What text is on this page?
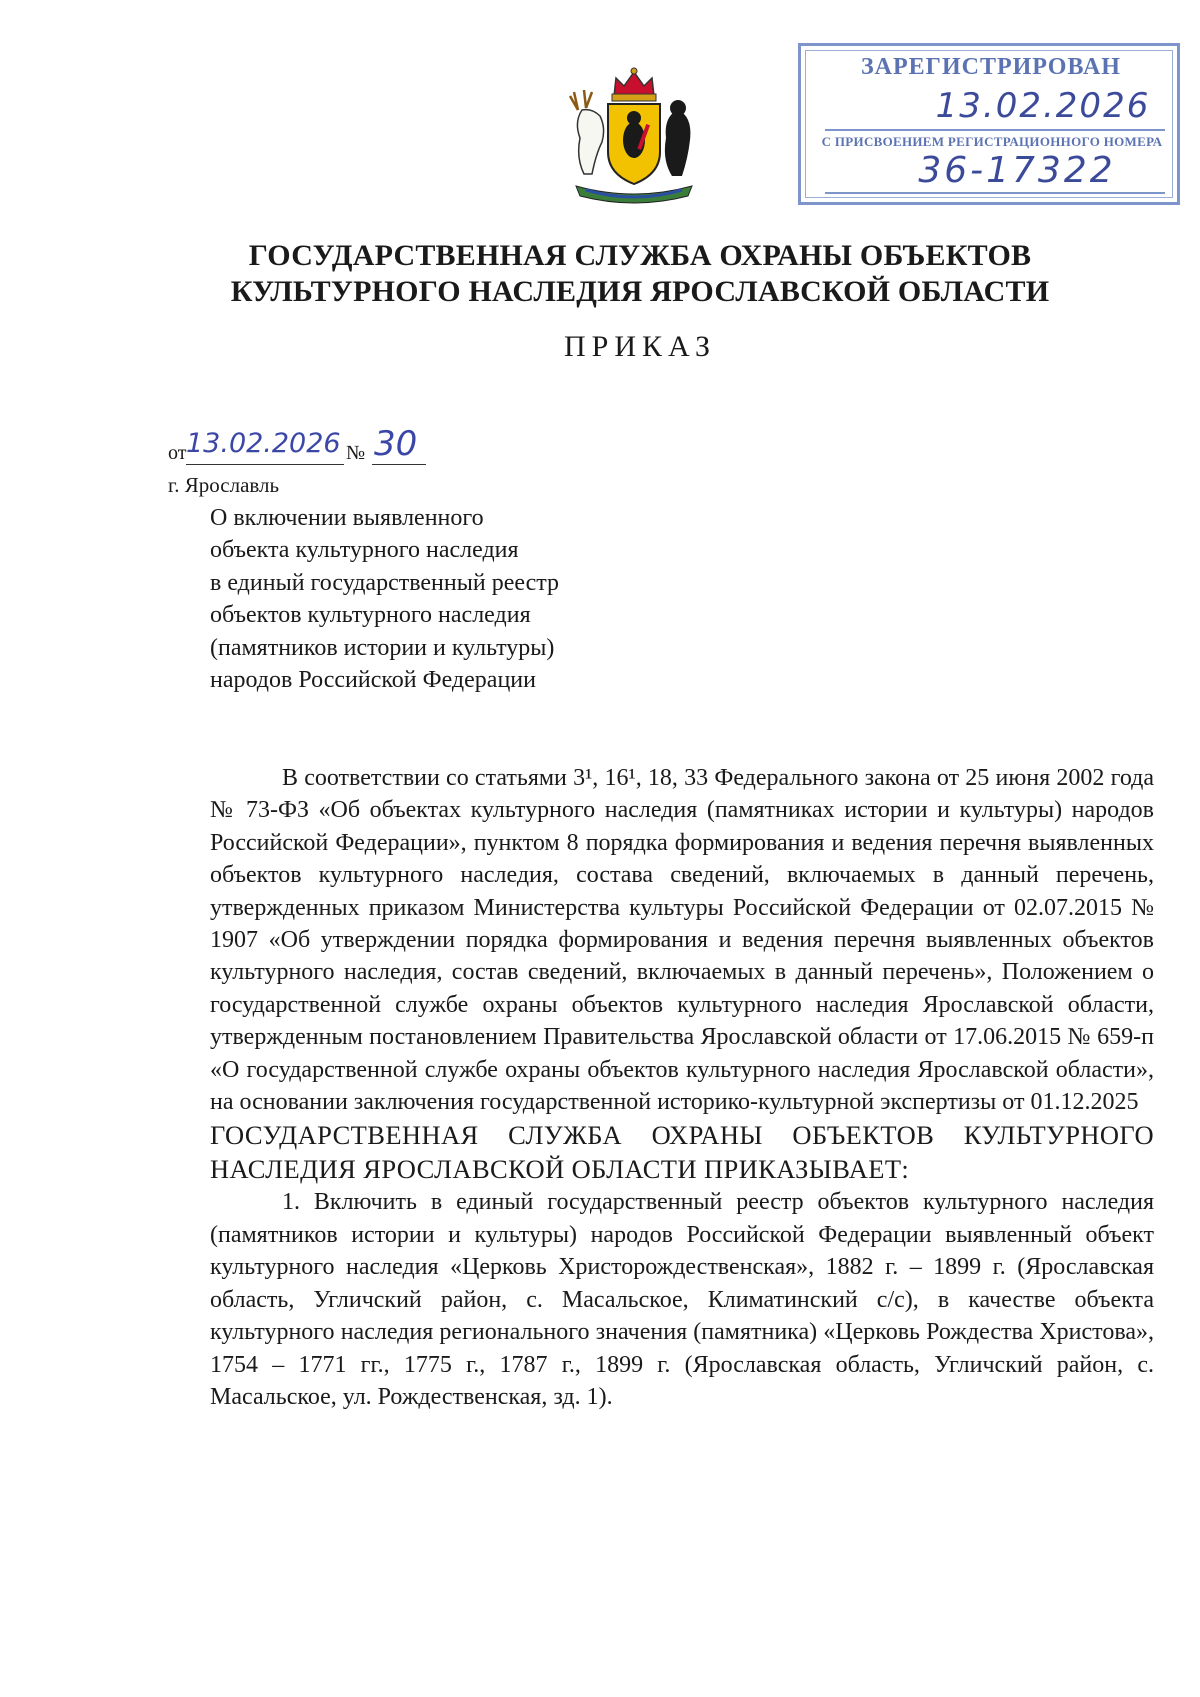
ЗАРЕГИСТРИРОВАН
13.02.2026
С ПРИСВОЕНИЕМ РЕГИСТРАЦИОННОГО НОМЕРА
36-17322
ГОСУДАРСТВЕННАЯ СЛУЖБА ОХРАНЫ ОБЪЕКТОВ
КУЛЬТУРНОГО НАСЛЕДИЯ ЯРОСЛАВСКОЙ ОБЛАСТИ
ПРИКАЗ
от 13.02.2026 № 30
г. Ярославль
О включении выявленного
объекта культурного наследия
в единый государственный реестр
объектов культурного наследия
(памятников истории и культуры)
народов Российской Федерации

В соответствии со статьями 3¹, 16¹, 18, 33 Федерального закона от 25 июня 2002 года № 73-ФЗ «Об объектах культурного наследия (памятниках истории и культуры) народов Российской Федерации», пунктом 8 порядка формирования и ведения перечня выявленных объектов культурного наследия, состава сведений, включаемых в данный перечень, утвержденных приказом Министерства культуры Российской Федерации от 02.07.2015 № 1907 «Об утверждении порядка формирования и ведения перечня выявленных объектов культурного наследия, состав сведений, включаемых в данный перечень», Положением о государственной службе охраны объектов культурного наследия Ярославской области, утвержденным постановлением Правительства Ярославской области от 17.06.2015 № 659-п «О государственной службе охраны объектов культурного наследия Ярославской области», на основании заключения государственной историко-культурной экспертизы от 01.12.2025

ГОСУДАРСТВЕННАЯ СЛУЖБА ОХРАНЫ ОБЪЕКТОВ КУЛЬТУРНОГО НАСЛЕДИЯ ЯРОСЛАВСКОЙ ОБЛАСТИ ПРИКАЗЫВАЕТ:

1. Включить в единый государственный реестр объектов культурного наследия (памятников истории и культуры) народов Российской Федерации выявленный объект культурного наследия «Церковь Христорождественская», 1882 г. – 1899 г. (Ярославская область, Угличский район, с. Масальское, Климатинский с/с), в качестве объекта культурного наследия регионального значения (памятника) «Церковь Рождества Христова», 1754 – 1771 гг., 1775 г., 1787 г., 1899 г. (Ярославская область, Угличский район, с. Масальское, ул. Рождественская, зд. 1).
